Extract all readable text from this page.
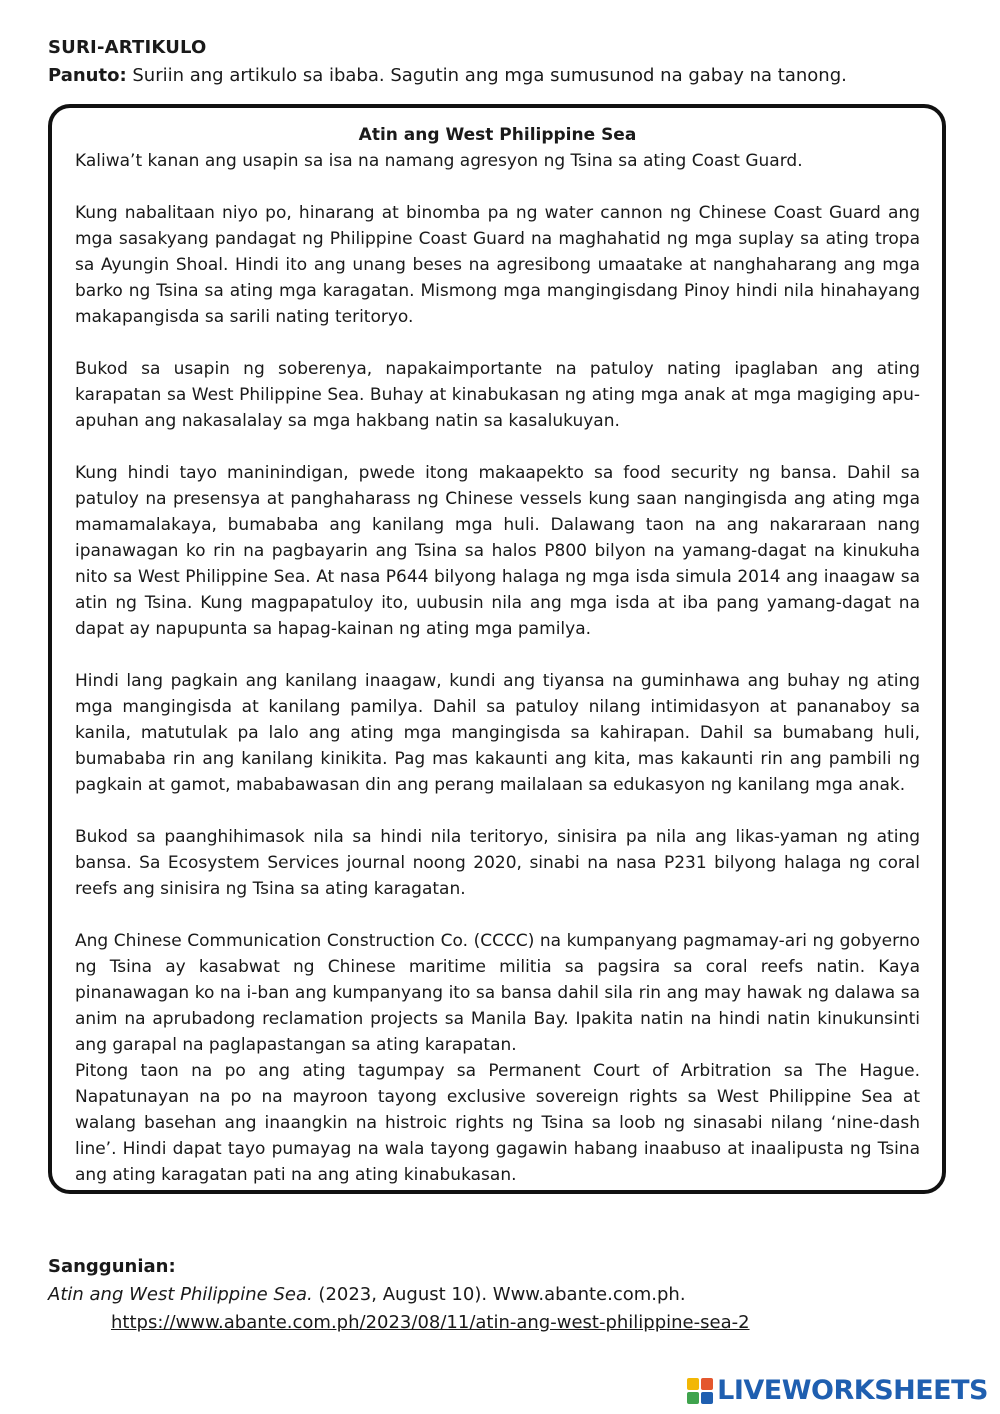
SURI-ARTIKULO
Panuto: Suriin ang artikulo sa ibaba. Sagutin ang mga sumusunod na gabay na tanong.
Atin ang West Philippine Sea

Kaliwa’t kanan ang usapin sa isa na namang agresyon ng Tsina sa ating Coast Guard.

Kung nabalitaan niyo po, hinarang at binomba pa ng water cannon ng Chinese Coast Guard ang mga sasakyang pandagat ng Philippine Coast Guard na maghahatid ng mga suplay sa ating tropa sa Ayungin Shoal. Hindi ito ang unang beses na agresibong umaatake at nanghaharang ang mga barko ng Tsina sa ating mga karagatan. Mismong mga mangingisdang Pinoy hindi nila hinahayang makapangisda sa sarili nating teritoryo.

Bukod sa usapin ng soberenya, napakaimportante na patuloy nating ipaglaban ang ating karapatan sa West Philippine Sea. Buhay at kinabukasan ng ating mga anak at mga magiging apu-apuhan ang nakasalalay sa mga hakbang natin sa kasalukuyan.

Kung hindi tayo maninindigan, pwede itong makaapekto sa food security ng bansa. Dahil sa patuloy na presensya at panghaharass ng Chinese vessels kung saan nangingisda ang ating mga mamamalakaya, bumababa ang kanilang mga huli. Dalawang taon na ang nakararaan nang ipanawagan ko rin na pagbayarin ang Tsina sa halos P800 bilyon na yamang-dagat na kinukuha nito sa West Philippine Sea. At nasa P644 bilyong halaga ng mga isda simula 2014 ang inaagaw sa atin ng Tsina. Kung magpapatuloy ito, uubusin nila ang mga isda at iba pang yamang-dagat na dapat ay napupunta sa hapag-kainan ng ating mga pamilya.

Hindi lang pagkain ang kanilang inaagaw, kundi ang tiyansa na guminhawa ang buhay ng ating mga mangingisda at kanilang pamilya. Dahil sa patuloy nilang intimidasyon at pananaboy sa kanila, matutulak pa lalo ang ating mga mangingisda sa kahirapan. Dahil sa bumabang huli, bumababa rin ang kanilang kinikita. Pag mas kakaunti ang kita, mas kakaunti rin ang pambili ng pagkain at gamot, mababawasan din ang perang mailalaan sa edukasyon ng kanilang mga anak.

Bukod sa paanghihimasok nila sa hindi nila teritoryo, sinisira pa nila ang likas-yaman ng ating bansa. Sa Ecosystem Services journal noong 2020, sinabi na nasa P231 bilyong halaga ng coral reefs ang sinisira ng Tsina sa ating karagatan.

Ang Chinese Communication Construction Co. (CCCC) na kumpanyang pagmamay-ari ng gobyerno ng Tsina ay kasabwat ng Chinese maritime militia sa pagsira sa coral reefs natin. Kaya pinanawagan ko na i-ban ang kumpanyang ito sa bansa dahil sila rin ang may hawak ng dalawa sa anim na aprubadong reclamation projects sa Manila Bay. Ipakita natin na hindi natin kinukunsinti ang garapal na paglapastangan sa ating karapatan.

Pitong taon na po ang ating tagumpay sa Permanent Court of Arbitration sa The Hague. Napatunayan na po na mayroon tayong exclusive sovereign rights sa West Philippine Sea at walang basehan ang inaangkin na histroic rights ng Tsina sa loob ng sinasabi nilang ‘nine-dash line’. Hindi dapat tayo pumayag na wala tayong gagawin habang inaabuso at inaalipusta ng Tsina ang ating karagatan pati na ang ating kinabukasan.

Sanggunian:
Atin ang West Philippine Sea. (2023, August 10). Www.abante.com.ph.
https://www.abante.com.ph/2023/08/11/atin-ang-west-philippine-sea-2
LIVEWORKSHEETS
